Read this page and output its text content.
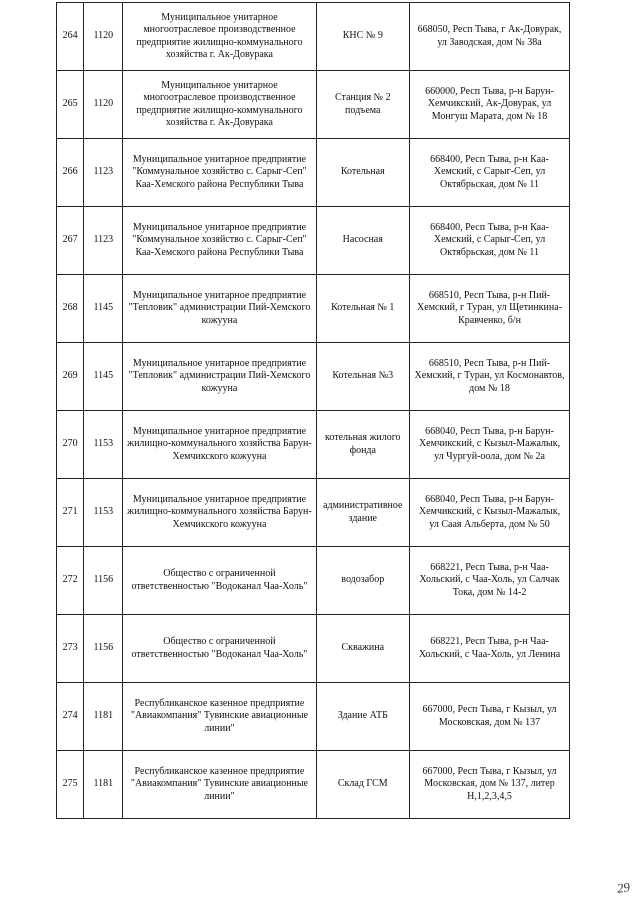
264	1120	Муниципальное унитарное многоотраслевое производственное предприятие жилищно-коммунального хозяйства г. Ак-Довурака	КНС № 9	668050, Респ Тыва, г Ак-Довурак, ул Заводская, дом № 38а
265	1120	Муниципальное унитарное многоотраслевое производственное предприятие жилищно-коммунального хозяйства г. Ак-Довурака	Станция № 2 подъема	660000, Респ Тыва, р-н Барун-Хемчикский, Ак-Довурак, ул Монгуш Марата, дом № 18
266	1123	Муниципальное унитарное предприятие "Коммунальное хозяйство с. Сарыг-Сеп" Каа-Хемского района Республики Тыва	Котельная	668400, Респ Тыва, р-н Каа-Хемский, с Сарыг-Сеп, ул Октябрьская, дом № 11
267	1123	Муниципальное унитарное предприятие "Коммунальное хозяйство с. Сарыг-Сеп" Каа-Хемского района Республики Тыва	Насосная	668400, Респ Тыва, р-н Каа-Хемский, с Сарыг-Сеп, ул Октябрьская, дом № 11
268	1145	Муниципальное унитарное предприятие "Тепловик" администрации Пий-Хемского кожууна	Котельная № 1	668510, Респ Тыва, р-н Пий-Хемский, г Туран, ул Щетинкина-Кравченко, б/н
269	1145	Муниципальное унитарное предприятие "Тепловик" администрации Пий-Хемского кожууна	Котельная №3	668510, Респ Тыва, р-н Пий-Хемский, г Туран, ул Космонавтов, дом № 18
270	1153	Муниципальное унитарное предприятие жилищно-коммунального хозяйства Барун-Хемчикского кожууна	котельная жилого фонда	668040, Респ Тыва, р-н Барун-Хемчикский, с Кызыл-Мажалык, ул Чургуй-оола, дом № 2а
271	1153	Муниципальное унитарное предприятие жилищно-коммунального хозяйства Барун-Хемчикского кожууна	административное здание	668040, Респ Тыва, р-н Барун-Хемчикский, с Кызыл-Мажалык, ул Саая Альберта, дом № 50
272	1156	Общество с ограниченной ответственностью "Водоканал Чаа-Холь"	водозабор	668221, Респ Тыва, р-н Чаа-Хольский, с Чаа-Холь, ул Салчак Тока, дом № 14-2
273	1156	Общество с ограниченной ответственностью "Водоканал Чаа-Холь"	Скважина	668221, Респ Тыва, р-н Чаа-Хольский, с Чаа-Холь, ул Ленина
274	1181	Республиканское казенное предприятие "Авиакомпания" Тувинские авиационные линии"	Здание АТБ	667000, Респ Тыва, г Кызыл, ул Московская, дом № 137
275	1181	Республиканское казенное предприятие "Авиакомпания" Тувинские авиационные линии"	Склад ГСМ	667000, Респ Тыва, г Кызыл, ул Московская, дом № 137, литер Н,1,2,3,4,5
29
